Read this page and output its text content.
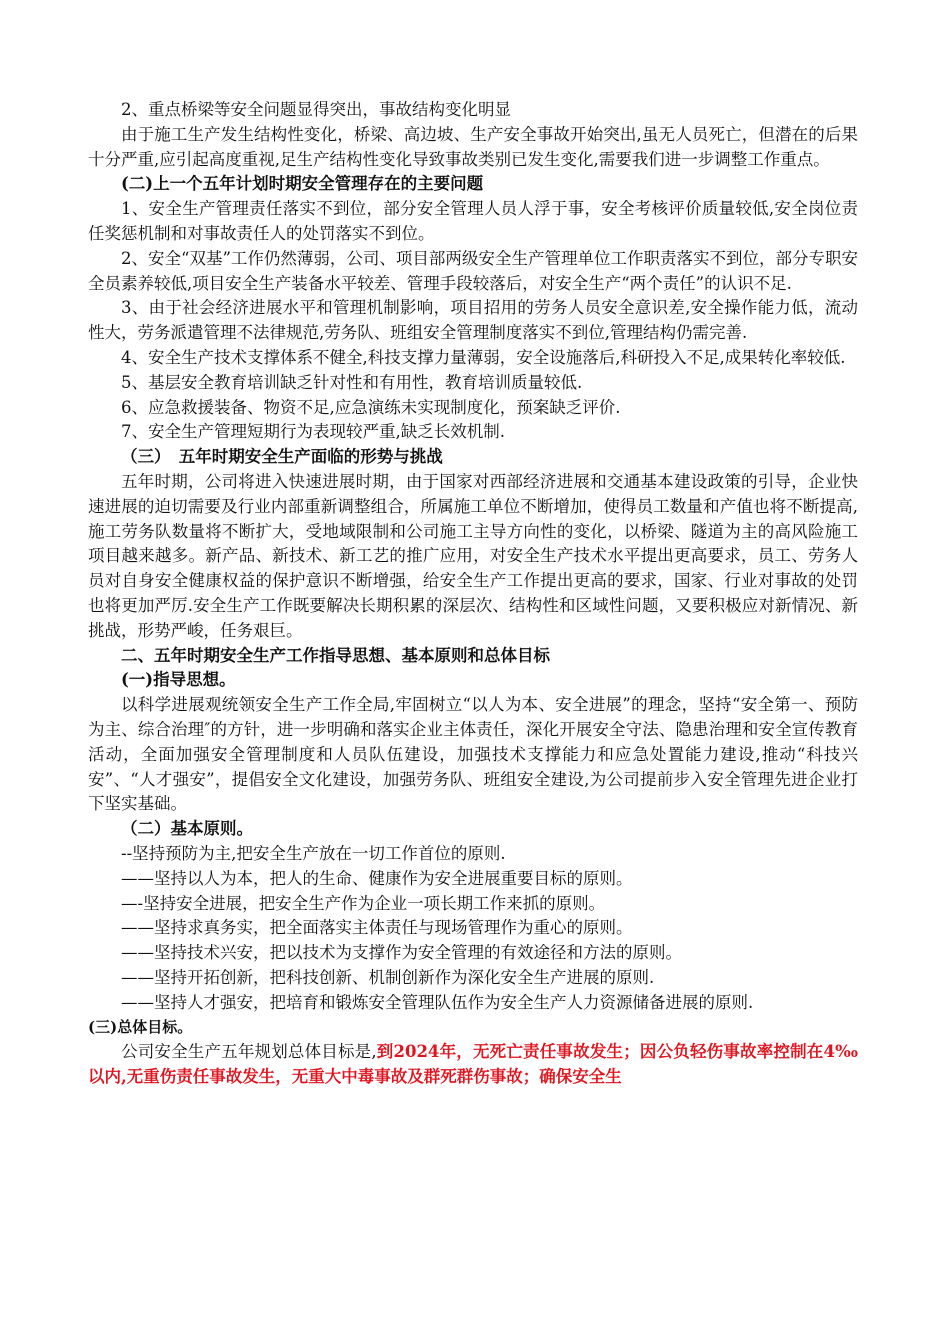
2、重点桥梁等安全问题显得突出，事故结构变化明显

由于施工生产发生结构性变化，桥梁、高边坡、生产安全事故开始突出,虽无人员死亡，但潜在的后果十分严重,应引起高度重视,足生产结构性变化导致事故类别已发生变化,需要我们进一步调整工作重点。

(二)上一个五年计划时期安全管理存在的主要问题

1、安全生产管理责任落实不到位，部分安全管理人员人浮于事，安全考核评价质量较低,安全岗位责任奖惩机制和对事故责任人的处罚落实不到位。

2、安全“双基”工作仍然薄弱，公司、项目部两级安全生产管理单位工作职责落实不到位，部分专职安全员素养较低,项目安全生产装备水平较差、管理手段较落后，对安全生产“两个责任”的认识不足.

3、由于社会经济进展水平和管理机制影响，项目招用的劳务人员安全意识差,安全操作能力低，流动性大，劳务派遣管理不法律规范,劳务队、班组安全管理制度落实不到位,管理结构仍需完善.

4、安全生产技术支撑体系不健全,科技支撑力量薄弱，安全设施落后,科研投入不足,成果转化率较低.

5、基层安全教育培训缺乏针对性和有用性，教育培训质量较低.

6、应急救援装备、物资不足,应急演练未实现制度化，预案缺乏评价.

7、安全生产管理短期行为表现较严重,缺乏长效机制.

（三）　五年时期安全生产面临的形势与挑战

五年时期，公司将进入快速进展时期，由于国家对西部经济进展和交通基本建设政策的引导，企业快速进展的迫切需要及行业内部重新调整组合，所属施工单位不断增加，使得员工数量和产值也将不断提高,施工劳务队数量将不断扩大，受地域限制和公司施工主导方向性的变化，以桥梁、隧道为主的高风险施工项目越来越多。新产品、新技术、新工艺的推广应用，对安全生产技术水平提出更高要求，员工、劳务人员对自身安全健康权益的保护意识不断增强，给安全生产工作提出更高的要求，国家、行业对事故的处罚也将更加严厉.安全生产工作既要解决长期积累的深层次、结构性和区域性问题，又要积极应对新情况、新挑战，形势严峻，任务艰巨。

二、五年时期安全生产工作指导思想、基本原则和总体目标

(一)指导思想。

以科学进展观统领安全生产工作全局,牢固树立“以人为本、安全进展”的理念，坚持“安全第一、预防为主、综合治理″的方针，进一步明确和落实企业主体责任，深化开展安全守法、隐患治理和安全宣传教育活动，全面加强安全管理制度和人员队伍建设，加强技术支撑能力和应急处置能力建设,推动“科技兴安”、“人才强安”，提倡安全文化建设，加强劳务队、班组安全建设,为公司提前步入安全管理先进企业打下坚实基础。

（二）基本原则。

--坚持预防为主,把安全生产放在一切工作首位的原则.

——坚持以人为本，把人的生命、健康作为安全进展重要目标的原则。

—-坚持安全进展，把安全生产作为企业一项长期工作来抓的原则。

——坚持求真务实，把全面落实主体责任与现场管理作为重心的原则。

——坚持技术兴安，把以技术为支撑作为安全管理的有效途径和方法的原则。

——坚持开拓创新，把科技创新、机制创新作为深化安全生产进展的原则.

——坚持人才强安，把培育和锻炼安全管理队伍作为安全生产人力资源储备进展的原则.

(三)总体目标。

公司安全生产五年规划总体目标是,到2024年，无死亡责任事故发生；因公负轻伤事故率控制在4‰以内,无重伤责任事故发生，无重大中毒事故及群死群伤事故；确保安全生
